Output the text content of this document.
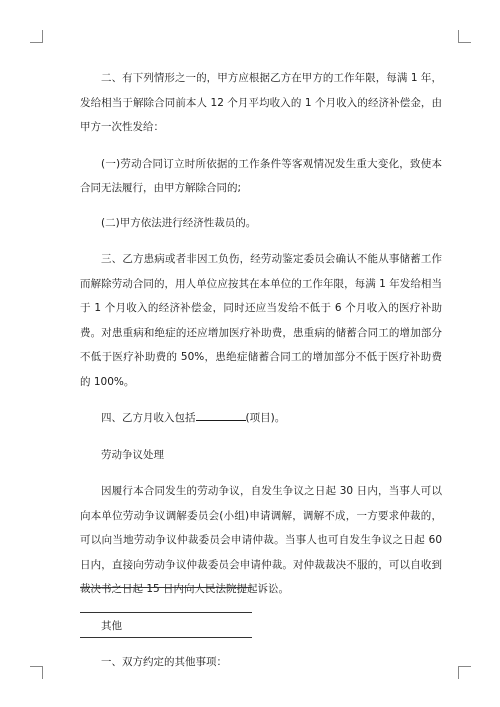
二、有下列情形之一的，甲方应根据乙方在甲方的工作年限，每满 1 年，发给相当于解除合同前本人 12 个月平均收入的 1 个月收入的经济补偿金，由甲方一次性发给：

(一)劳动合同订立时所依据的工作条件等客观情况发生重大变化，致使本合同无法履行，由甲方解除合同的;

(二)甲方依法进行经济性裁员的。

三、乙方患病或者非因工负伤，经劳动鉴定委员会确认不能从事储蓄工作而解除劳动合同的，用人单位应按其在本单位的工作年限，每满 1 年发给相当于 1 个月收入的经济补偿金，同时还应当发给不低于 6 个月收入的医疗补助费。对患重病和绝症的还应增加医疗补助费，患重病的储蓄合同工的增加部分不低于医疗补助费的 50%，患绝症储蓄合同工的增加部分不低于医疗补助费的 100%。

四、乙方月收入包括	(项目)。

劳动争议处理

因履行本合同发生的劳动争议，自发生争议之日起 30 日内，当事人可以向本单位劳动争议调解委员会(小组)申请调解，调解不成，一方要求仲裁的，可以向当地劳动争议仲裁委员会申请仲裁。当事人也可自发生争议之日起 60 日内，直接向劳动争议仲裁委员会申请仲裁。对仲裁裁决不服的，可以自收到裁决书之日起 15 日内向人民法院提起诉讼。

其他

一、双方约定的其他事项：
